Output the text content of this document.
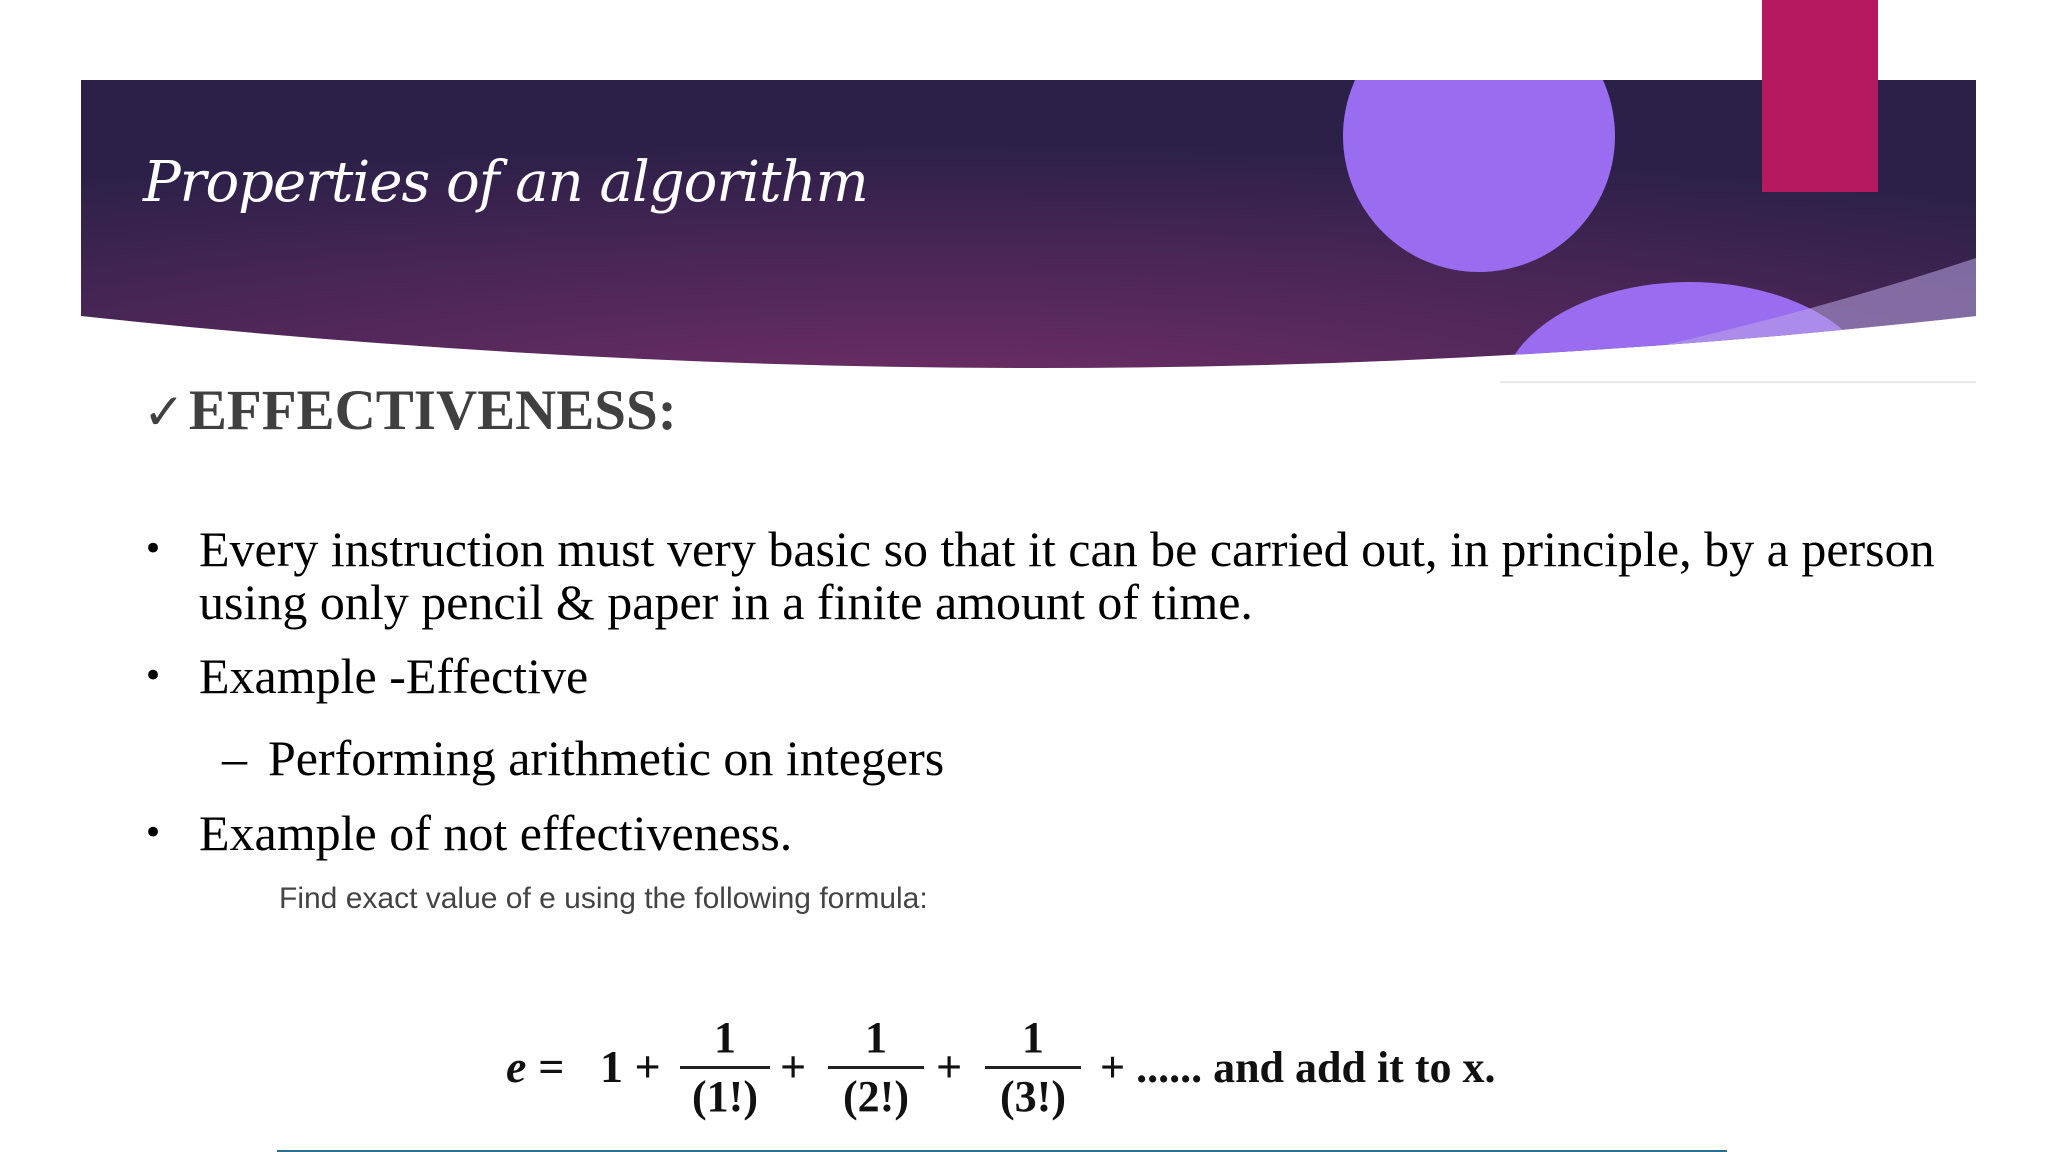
Properties of an algorithm
✓EFFECTIVENESS:
• Every instruction must very basic so that it can be carried out, in principle, by a person using only pencil & paper in a finite amount of time.
• Example -Effective
– Performing arithmetic on integers
• Example of not effectiveness.
Find exact value of e using the following formula:
e = 1 +
1
(1!)
+
1
(2!)
+
1
(3!)
+ ...... and add it to x.
